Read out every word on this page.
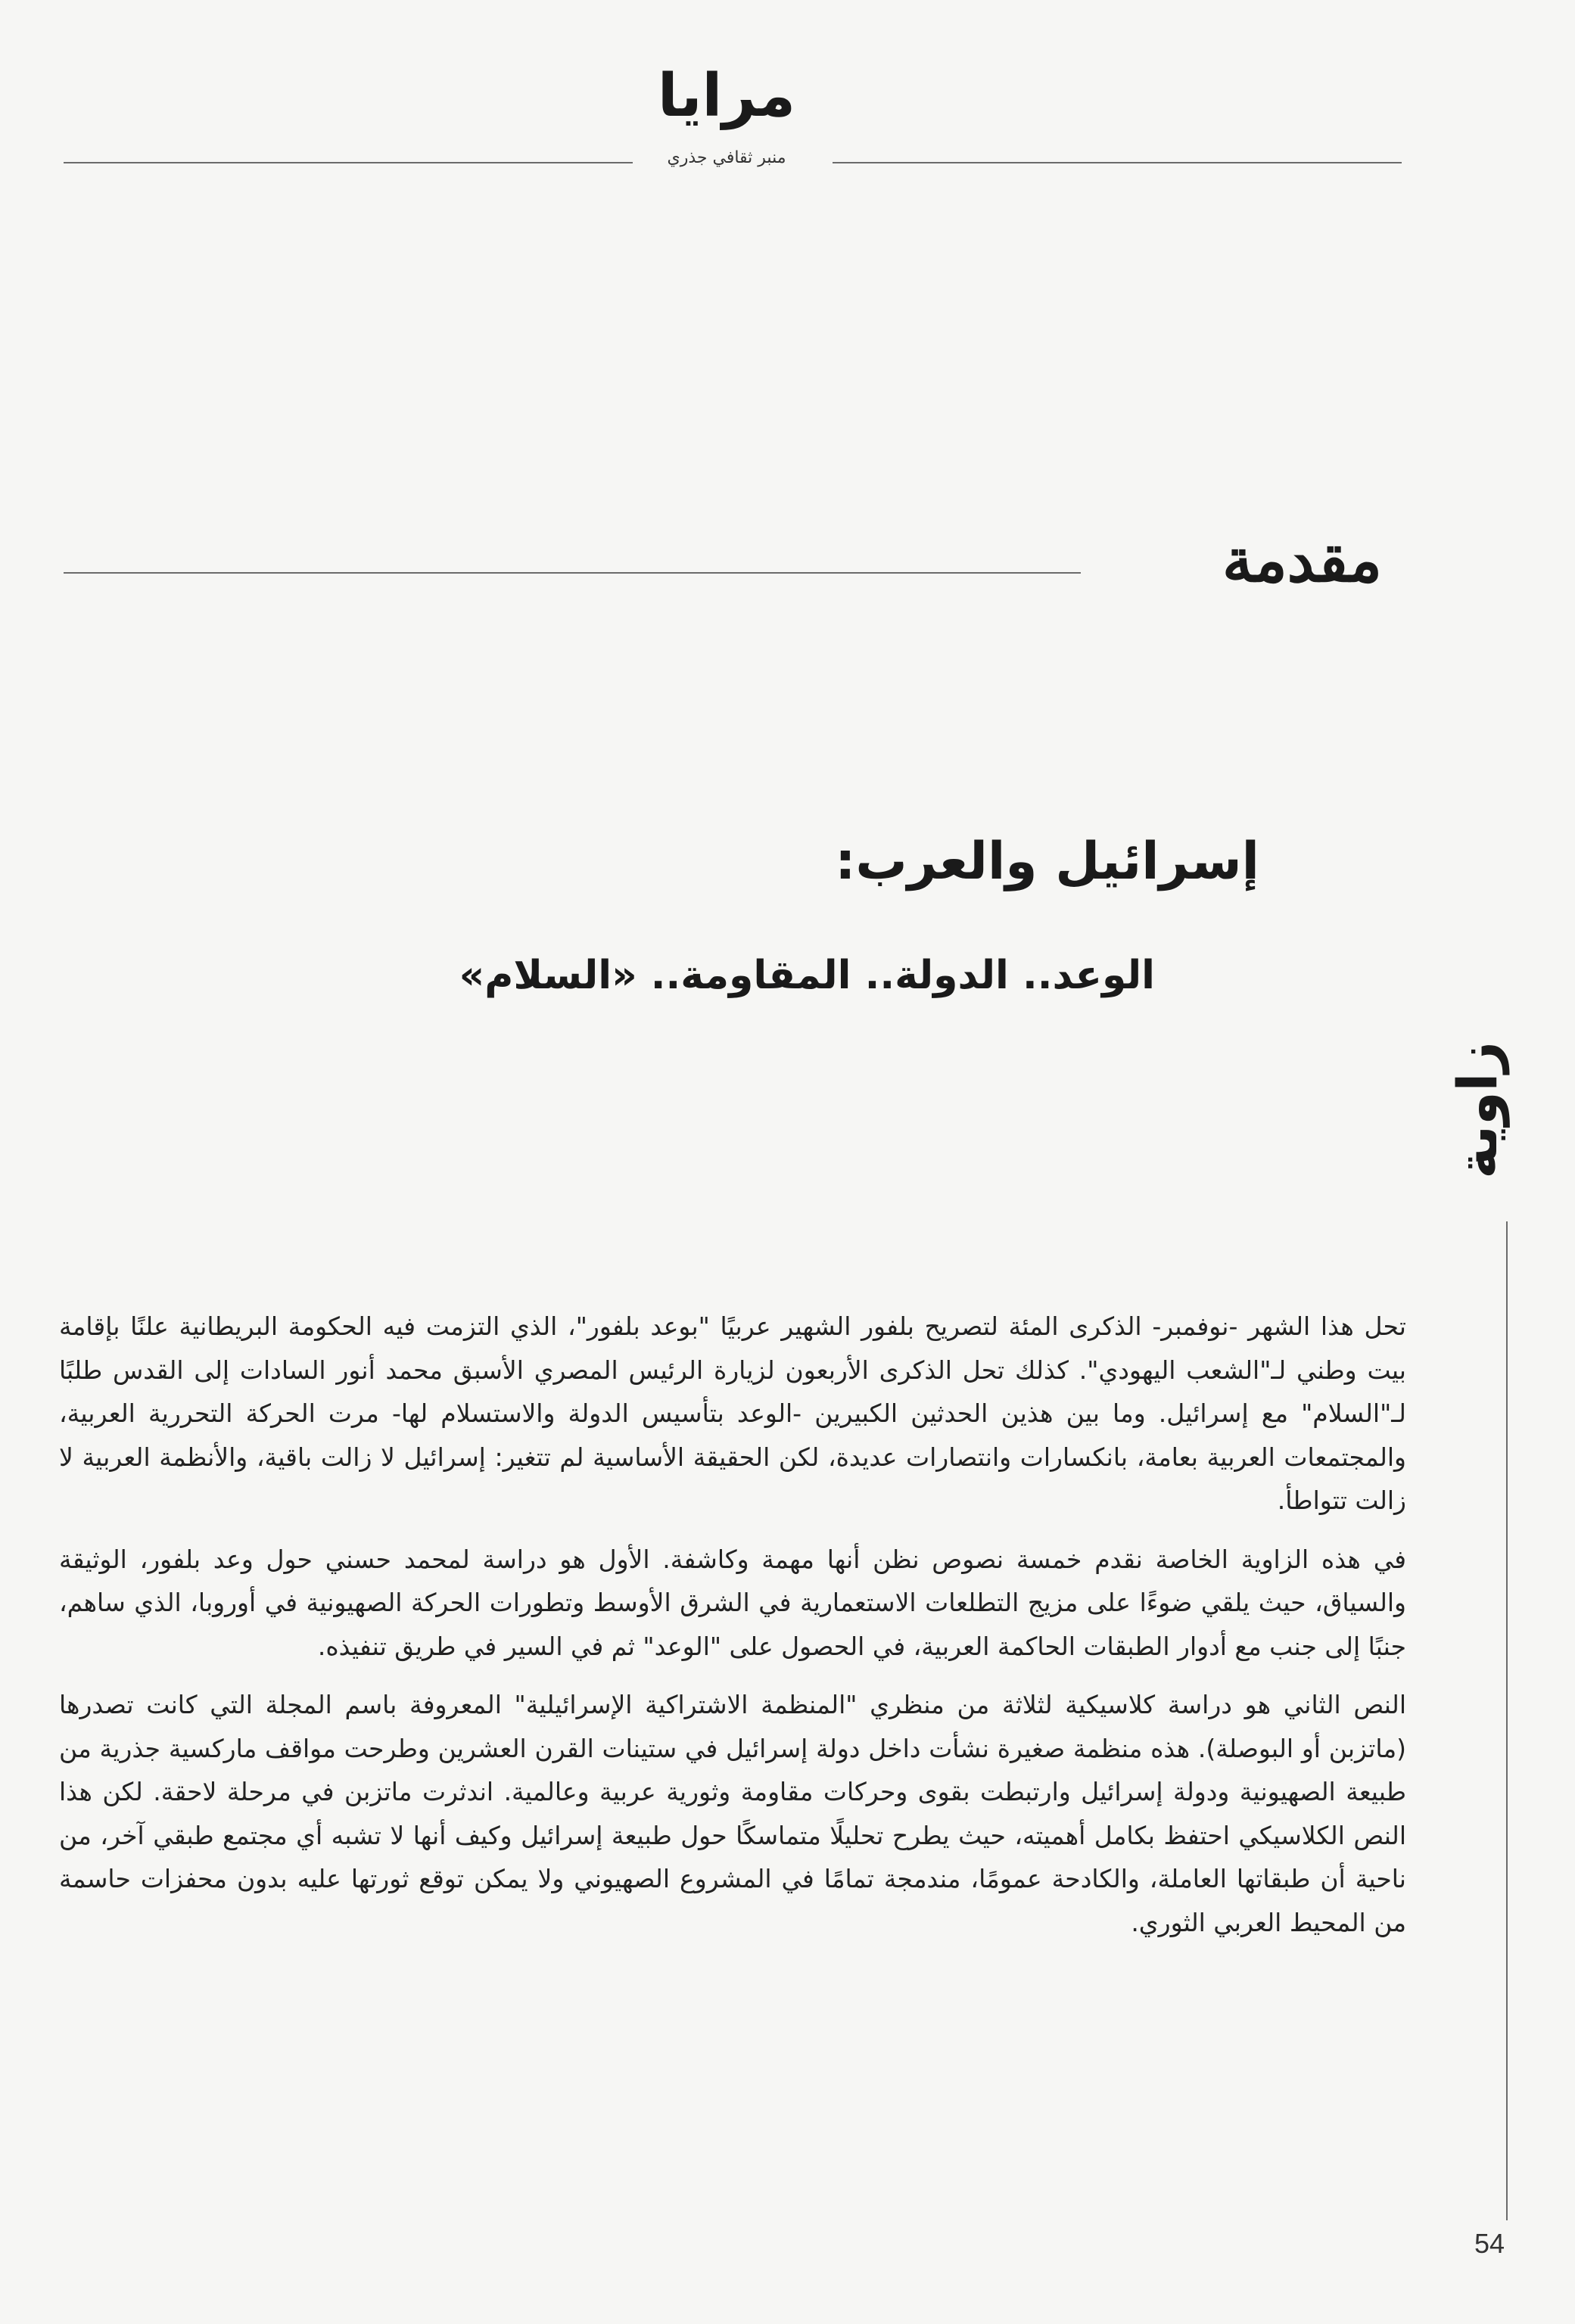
مرايا
منبر ثقافي جذري
مقدمة
إسرائيل والعرب:
الوعد.. الدولة.. المقاومة.. «السلام»
زاوية

تحل هذا الشهر -نوفمبر- الذكرى المئة لتصريح بلفور الشهير عربيًا "بوعد بلفور"، الذي التزمت فيه الحكومة البريطانية علنًا بإقامة بيت وطني لـ"الشعب اليهودي". كذلك تحل الذكرى الأربعون لزيارة الرئيس المصري الأسبق محمد أنور السادات إلى القدس طلبًا لـ"السلام" مع إسرائيل. وما بين هذين الحدثين الكبيرين -الوعد بتأسيس الدولة والاستسلام لها- مرت الحركة التحررية العربية، والمجتمعات العربية بعامة، بانكسارات وانتصارات عديدة، لكن الحقيقة الأساسية لم تتغير: إسرائيل لا زالت باقية، والأنظمة العربية لا زالت تتواطأ.

في هذه الزاوية الخاصة نقدم خمسة نصوص نظن أنها مهمة وكاشفة. الأول هو دراسة لمحمد حسني حول وعد بلفور، الوثيقة والسياق، حيث يلقي ضوءًا على مزيج التطلعات الاستعمارية في الشرق الأوسط وتطورات الحركة الصهيونية في أوروبا، الذي ساهم، جنبًا إلى جنب مع أدوار الطبقات الحاكمة العربية، في الحصول على "الوعد" ثم في السير في طريق تنفيذه.

النص الثاني هو دراسة كلاسيكية لثلاثة من منظري "المنظمة الاشتراكية الإسرائيلية" المعروفة باسم المجلة التي كانت تصدرها (ماتزبن أو البوصلة). هذه منظمة صغيرة نشأت داخل دولة إسرائيل في ستينات القرن العشرين وطرحت مواقف ماركسية جذرية من طبيعة الصهيونية ودولة إسرائيل وارتبطت بقوى وحركات مقاومة وثورية عربية وعالمية. اندثرت ماتزبن في مرحلة لاحقة. لكن هذا النص الكلاسيكي احتفظ بكامل أهميته، حيث يطرح تحليلًا متماسكًا حول طبيعة إسرائيل وكيف أنها لا تشبه أي مجتمع طبقي آخر، من ناحية أن طبقاتها العاملة، والكادحة عمومًا، مندمجة تمامًا في المشروع الصهيوني ولا يمكن توقع ثورتها عليه بدون محفزات حاسمة من المحيط العربي الثوري.

54
